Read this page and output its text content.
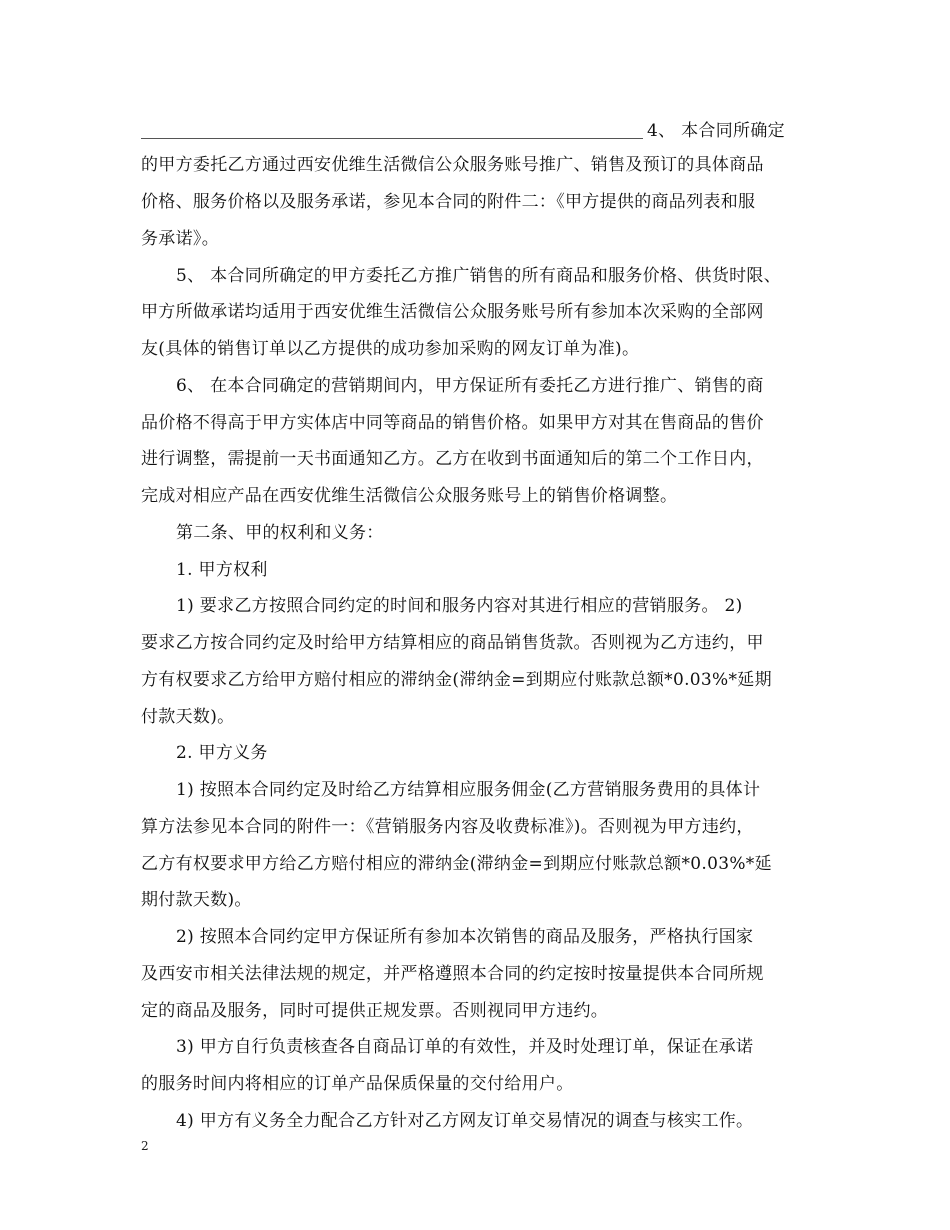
4、 本合同所确定
的甲方委托乙方通过西安优维生活微信公众服务账号推广、销售及预订的具体商品
价格、服务价格以及服务承诺，参见本合同的附件二：《甲方提供的商品列表和服
务承诺》。
5、 本合同所确定的甲方委托乙方推广销售的所有商品和服务价格、供货时限、
甲方所做承诺均适用于西安优维生活微信公众服务账号所有参加本次采购的全部网
友(具体的销售订单以乙方提供的成功参加采购的网友订单为准)。
6、 在本合同确定的营销期间内，甲方保证所有委托乙方进行推广、销售的商
品价格不得高于甲方实体店中同等商品的销售价格。如果甲方对其在售商品的售价
进行调整，需提前一天书面通知乙方。乙方在收到书面通知后的第二个工作日内，
完成对相应产品在西安优维生活微信公众服务账号上的销售价格调整。
第二条、甲的权利和义务：
1. 甲方权利
1) 要求乙方按照合同约定的时间和服务内容对其进行相应的营销服务。 2)
要求乙方按合同约定及时给甲方结算相应的商品销售货款。否则视为乙方违约，甲
方有权要求乙方给甲方赔付相应的滞纳金(滞纳金=到期应付账款总额*0.03%*延期
付款天数)。
2. 甲方义务
1) 按照本合同约定及时给乙方结算相应服务佣金(乙方营销服务费用的具体计
算方法参见本合同的附件一：《营销服务内容及收费标准》)。否则视为甲方违约，
乙方有权要求甲方给乙方赔付相应的滞纳金(滞纳金=到期应付账款总额*0.03%*延
期付款天数)。
2) 按照本合同约定甲方保证所有参加本次销售的商品及服务，严格执行国家
及西安市相关法律法规的规定，并严格遵照本合同的约定按时按量提供本合同所规
定的商品及服务，同时可提供正规发票。否则视同甲方违约。
3) 甲方自行负责核查各自商品订单的有效性，并及时处理订单，保证在承诺
的服务时间内将相应的订单产品保质保量的交付给用户。
4) 甲方有义务全力配合乙方针对乙方网友订单交易情况的调查与核实工作。
2
